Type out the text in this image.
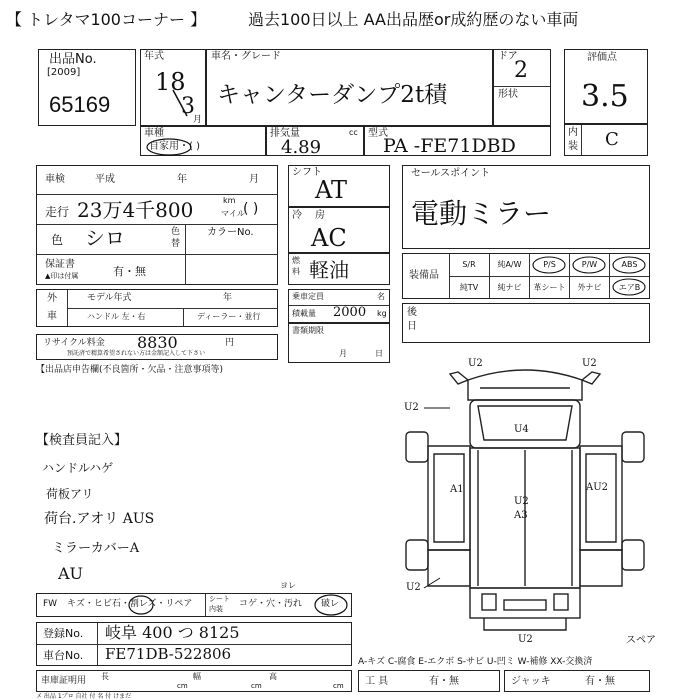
【 トレタマ100コーナー 】	過去100日以上 AA出品歴or成約歴のない車両
出品No.
[2009]
65169
年式
18
3
月
車名・グレード
キャンターダンプ2t積
ドア
2
形状
評価点
3.5
車種
自家用・( )
排気量	cc
4.89
型式
PA -FE71DBD
内
装 C
車検	平成	年	月
走行 23万4千800	km
マイル
( )
色 シロ	色
替
カラーNo.
保証書
▲印は付属	有・無
外
車
モデル年式	年
ハンドル 左・右	ディーラー・並行
リサイクル料金 8830	円
預託済で精算希望されない方は金額記入して下さい
【出品店申告欄(不良箇所・欠品・注意事項等)
シフト
AT
冷 房
AC
燃
料 軽油
乗車定員	名
積載量 2000 kg
書類期限
月	日
セールスポイント
電動ミラー
装備品
S/R	純A/W	P/S	P/W	ABS
純TV	純ナビ	革シート	外ナビ	エアB
後
日
【検査員記入】
ハンドルハゲ
荷板アリ
荷台.アオリ AUS
ミラーカバーA
AU
U2	U2
U2
U4
A1	AU2
U2
A3
U2
U2	スペア
FW キズ・ヒビ石・割レズ・リペア シート
内装 コゲ・穴・汚れ 破レ
ヨレ
登録No. 岐阜 400 つ 8125
車台No. FE71DB-522806	A-キズ C-腐食 E-エクボ S-サビ U-凹ミ W-補修 XX-交換済
車庫証明用 長
cm
幅
cm
高
cm 工 具	有・無	ジャッキ	有・無
メ 出品 1プロ 自社 付 名 付 けまだ
